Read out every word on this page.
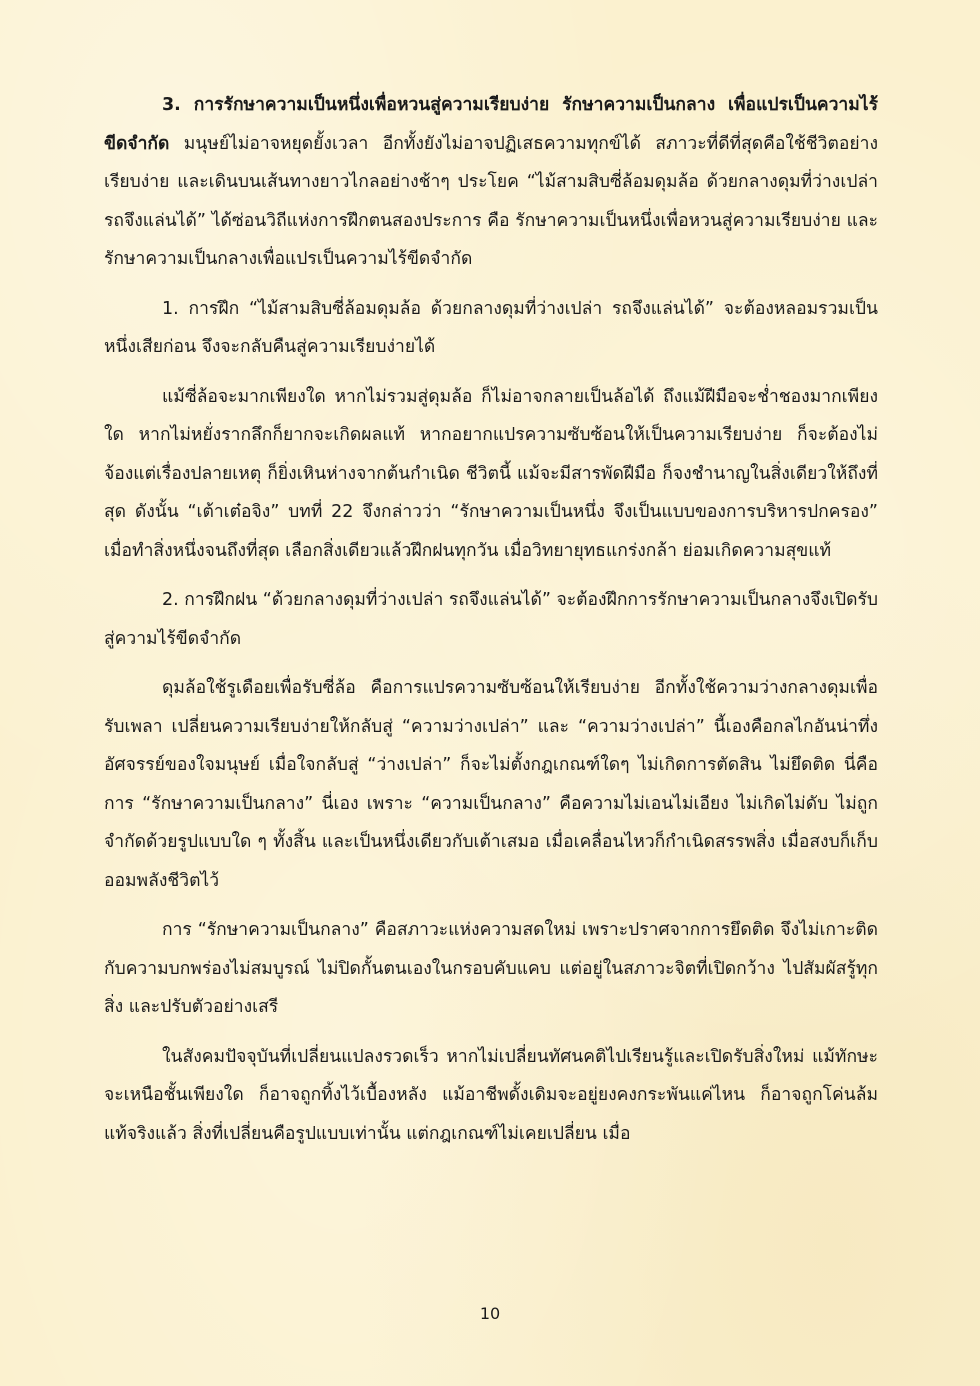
3. การรักษาความเป็นหนึ่งเพื่อหวนสู่ความเรียบง่าย รักษาความเป็นกลาง เพื่อแปรเป็นความไร้ขีดจำกัด มนุษย์ไม่อาจหยุดยั้งเวลา อีกทั้งยังไม่อาจปฏิเสธความทุกข์ได้ สภาวะที่ดีที่สุดคือใช้ชีวิตอย่างเรียบง่าย และเดินบนเส้นทางยาวไกลอย่างช้าๆ ประโยค “ไม้สามสิบซี่ล้อมดุมล้อ ด้วยกลางดุมที่ว่างเปล่า รถจึงแล่นได้” ได้ซ่อนวิถีแห่งการฝึกตนสองประการ คือ รักษาความเป็นหนึ่งเพื่อหวนสู่ความเรียบง่าย และรักษาความเป็นกลางเพื่อแปรเป็นความไร้ขีดจำกัด

1. การฝึก “ไม้สามสิบซี่ล้อมดุมล้อ ด้วยกลางดุมที่ว่างเปล่า รถจึงแล่นได้” จะต้องหลอมรวมเป็นหนึ่งเสียก่อน จึงจะกลับคืนสู่ความเรียบง่ายได้

แม้ซี่ล้อจะมากเพียงใด หากไม่รวมสู่ดุมล้อ ก็ไม่อาจกลายเป็นล้อได้ ถึงแม้ฝีมือจะช่ำชองมากเพียงใด หากไม่หยั่งรากลึกก็ยากจะเกิดผลแท้ หากอยากแปรความซับซ้อนให้เป็นความเรียบง่าย ก็จะต้องไม่จ้องแต่เรื่องปลายเหตุ ก็ยิ่งเหินห่างจากต้นกำเนิด ชีวิตนี้ แม้จะมีสารพัดฝีมือ ก็จงชำนาญในสิ่งเดียวให้ถึงที่สุด ดังนั้น “เต้าเต๋อจิง” บทที่ 22 จึงกล่าวว่า “รักษาความเป็นหนึ่ง จึงเป็นแบบของการบริหารปกครอง” เมื่อทำสิ่งหนึ่งจนถึงที่สุด เลือกสิ่งเดียวแล้วฝึกฝนทุกวัน เมื่อวิทยายุทธแกร่งกล้า ย่อมเกิดความสุขแท้

2. การฝึกฝน “ด้วยกลางดุมที่ว่างเปล่า รถจึงแล่นได้” จะต้องฝึกการรักษาความเป็นกลางจึงเปิดรับสู่ความไร้ขีดจำกัด

ดุมล้อใช้รูเดือยเพื่อรับซี่ล้อ คือการแปรความซับซ้อนให้เรียบง่าย อีกทั้งใช้ความว่างกลางดุมเพื่อรับเพลา เปลี่ยนความเรียบง่ายให้กลับสู่ “ความว่างเปล่า” และ “ความว่างเปล่า” นี้เองคือกลไกอันน่าทึ่งอัศจรรย์ของใจมนุษย์ เมื่อใจกลับสู่ “ว่างเปล่า” ก็จะไม่ตั้งกฎเกณฑ์ใดๆ ไม่เกิดการตัดสิน ไม่ยึดติด นี่คือการ “รักษาความเป็นกลาง” นี่เอง เพราะ “ความเป็นกลาง” คือความไม่เอนไม่เอียง ไม่เกิดไม่ดับ ไม่ถูกจำกัดด้วยรูปแบบใด ๆ ทั้งสิ้น และเป็นหนึ่งเดียวกับเต้าเสมอ เมื่อเคลื่อนไหวก็กำเนิดสรรพสิ่ง เมื่อสงบก็เก็บออมพลังชีวิตไว้

การ “รักษาความเป็นกลาง” คือสภาวะแห่งความสดใหม่ เพราะปราศจากการยึดติด จึงไม่เกาะติดกับความบกพร่องไม่สมบูรณ์ ไม่ปิดกั้นตนเองในกรอบคับแคบ แต่อยู่ในสภาวะจิตที่เปิดกว้าง ไปสัมผัสรู้ทุกสิ่ง และปรับตัวอย่างเสรี

ในสังคมปัจจุบันที่เปลี่ยนแปลงรวดเร็ว หากไม่เปลี่ยนทัศนคติไปเรียนรู้และเปิดรับสิ่งใหม่ แม้ทักษะจะเหนือชั้นเพียงใด ก็อาจถูกทิ้งไว้เบื้องหลัง แม้อาชีพดั้งเดิมจะอยู่ยงคงกระพันแค่ไหน ก็อาจถูกโค่นล้ม แท้จริงแล้ว สิ่งที่เปลี่ยนคือรูปแบบเท่านั้น แต่กฎเกณฑ์ไม่เคยเปลี่ยน เมื่อ

10
